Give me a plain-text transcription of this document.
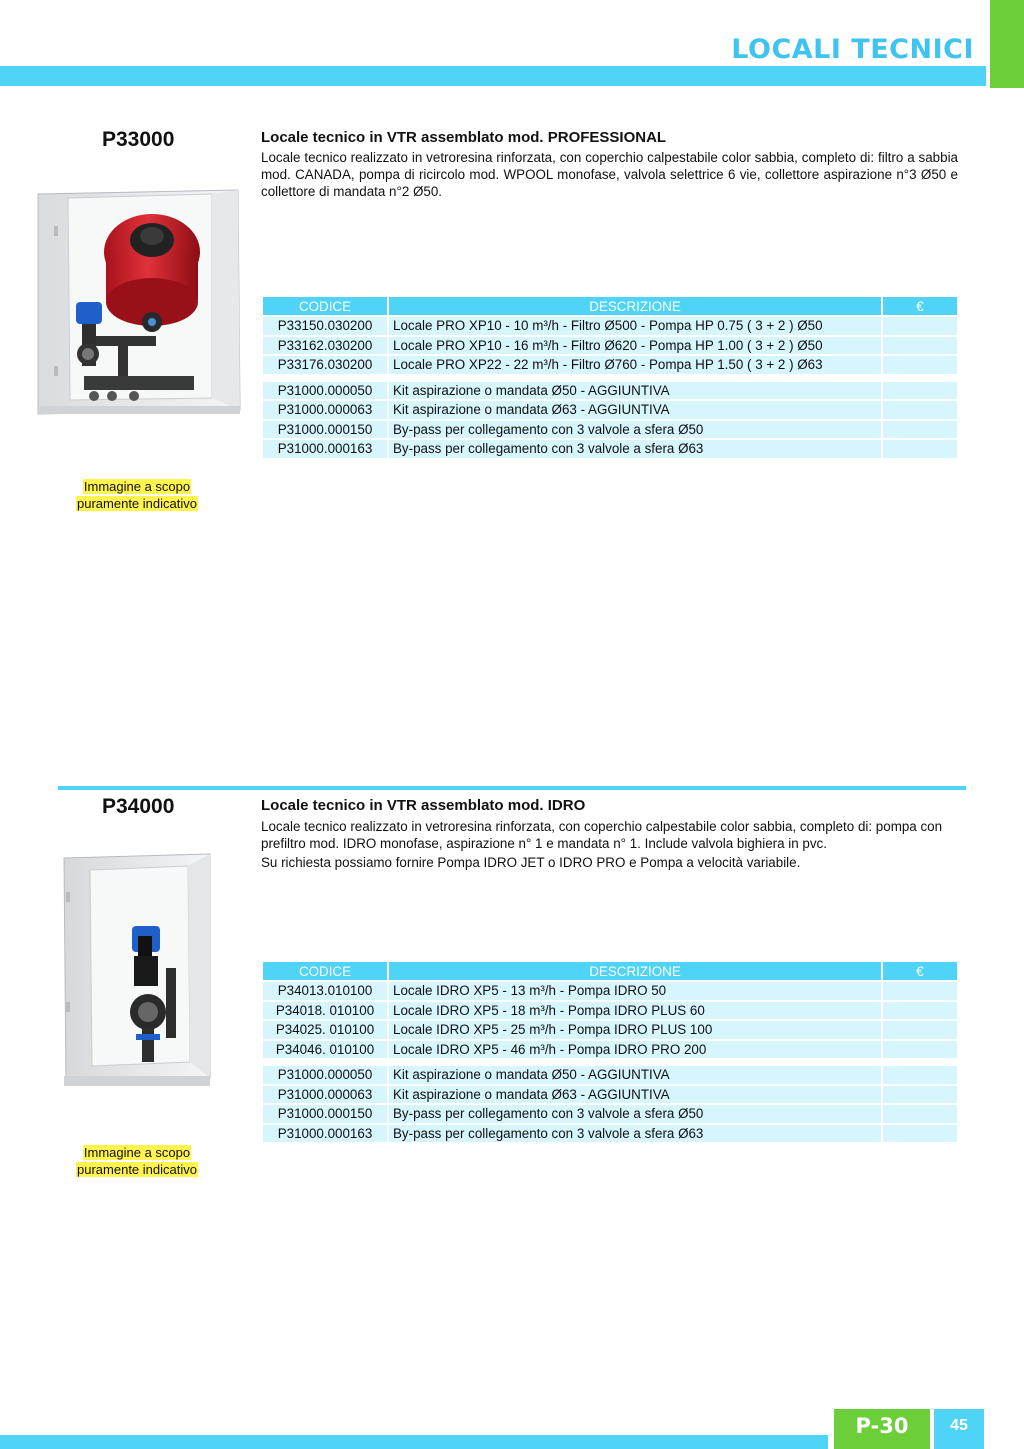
LOCALI TECNICI
P33000	Locale tecnico in VTR assemblato mod. PROFESSIONAL

Locale tecnico realizzato in vetroresina rinforzata, con coperchio calpestabile color sabbia, completo di: filtro a sabbia mod. CANADA, pompa di ricircolo mod. WPOOL monofase, valvola selettrice 6 vie, collettore aspirazione n°3 Ø50 e collettore di mandata n°2 Ø50.

Immagine a scopo
puramente indicativo
CODICE	DESCRIZIONE	€
P33150.030200	Locale PRO XP10 - 10 m³/h - Filtro Ø500 - Pompa HP 0.75 ( 3 + 2 ) Ø50	
P33162.030200	Locale PRO XP10 - 16 m³/h - Filtro Ø620 - Pompa HP 1.00 ( 3 + 2 ) Ø50	
P33176.030200	Locale PRO XP22 - 22 m³/h - Filtro Ø760 - Pompa HP 1.50 ( 3 + 2 ) Ø63	

P31000.000050	Kit aspirazione o mandata Ø50 - AGGIUNTIVA	
P31000.000063	Kit aspirazione o mandata Ø63 - AGGIUNTIVA	
P31000.000150	By-pass per collegamento con 3 valvole a sfera Ø50	
P31000.000163	By-pass per collegamento con 3 valvole a sfera Ø63	
P34000	Locale tecnico in VTR assemblato mod. IDRO

Locale tecnico realizzato in vetroresina rinforzata, con coperchio calpestabile color sabbia, completo di: pompa con prefiltro mod. IDRO monofase, aspirazione n° 1 e mandata n° 1. Include valvola bighiera in pvc.

Su richiesta possiamo fornire Pompa IDRO JET o IDRO PRO e Pompa a velocità variabile.

Immagine a scopo
puramente indicativo
CODICE	DESCRIZIONE	€
P34013.010100	Locale IDRO XP5 - 13 m³/h - Pompa IDRO 50	
P34018. 010100	Locale IDRO XP5 - 18 m³/h - Pompa IDRO PLUS 60	
P34025. 010100	Locale IDRO XP5 - 25 m³/h - Pompa IDRO PLUS 100	
P34046. 010100	Locale IDRO XP5 - 46 m³/h - Pompa IDRO PRO 200	

P31000.000050	Kit aspirazione o mandata Ø50 - AGGIUNTIVA	
P31000.000063	Kit aspirazione o mandata Ø63 - AGGIUNTIVA	
P31000.000150	By-pass per collegamento con 3 valvole a sfera Ø50	
P31000.000163	By-pass per collegamento con 3 valvole a sfera Ø63	
P-30	45
